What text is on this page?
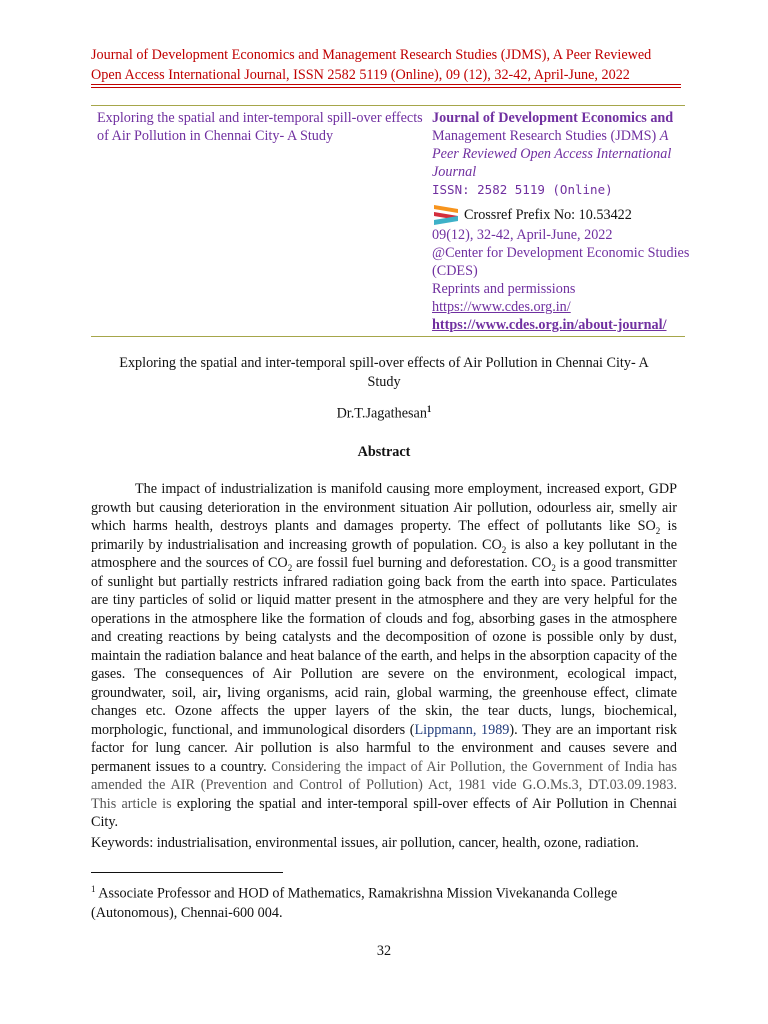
Journal of Development Economics and Management Research Studies (JDMS), A Peer Reviewed
Open Access International Journal, ISSN 2582 5119 (Online), 09 (12), 32-42, April-June, 2022
Exploring the spatial and inter-temporal spill-over effects of Air Pollution in Chennai City- A Study
Journal of Development Economics and
Management Research Studies (JDMS) A
Peer Reviewed Open Access International
Journal
ISSN: 2582 5119 (Online)
Crossref Prefix No: 10.53422
09(12), 32-42, April-June, 2022
@Center for Development Economic Studies
(CDES)
Reprints and permissions
https://www.cdes.org.in/
https://www.cdes.org.in/about-journal/
Exploring the spatial and inter-temporal spill-over effects of Air Pollution in Chennai City- A
Study
Dr.T.Jagathesan$^1$
Abstract
The impact of industrialization is manifold causing more employment, increased export, GDP growth but causing deterioration in the environment situation Air pollution, odourless air, smelly air which harms health, destroys plants and damages property. The effect of pollutants like $SO_2$ is primarily by industrialisation and increasing growth of population. $CO_2$ is also a key pollutant in the atmosphere and the sources of $CO_2$ are fossil fuel burning and deforestation. $CO_2$ is a good transmitter of sunlight but partially restricts infrared radiation going back from the earth into space. Particulates are tiny particles of solid or liquid matter present in the atmosphere and they are very helpful for the operations in the atmosphere like the formation of clouds and fog, absorbing gases in the atmosphere and creating reactions by being catalysts and the decomposition of ozone is possible only by dust, maintain the radiation balance and heat balance of the earth, and helps in the absorption capacity of the gases. The consequences of Air Pollution are severe on the environment, ecological impact, groundwater, soil, air, living organisms, acid rain, global warming, the greenhouse effect, climate changes etc. Ozone affects the upper layers of the skin, the tear ducts, lungs, biochemical, morphologic, functional, and immunological disorders (Lippmann, 1989). They are an important risk factor for lung cancer. Air pollution is also harmful to the environment and causes severe and permanent issues to a country. Considering the impact of Air Pollution, the Government of India has amended the AIR (Prevention and Control of Pollution) Act, 1981 vide G.O.Ms.3, DT.03.09.1983. This article is exploring the spatial and inter-temporal spill-over effects of Air Pollution in Chennai City.
Keywords: industrialisation, environmental issues, air pollution, cancer, health, ozone, radiation.
$^1$ Associate Professor and HOD of Mathematics, Ramakrishna Mission Vivekananda College (Autonomous), Chennai-600 004.
32
